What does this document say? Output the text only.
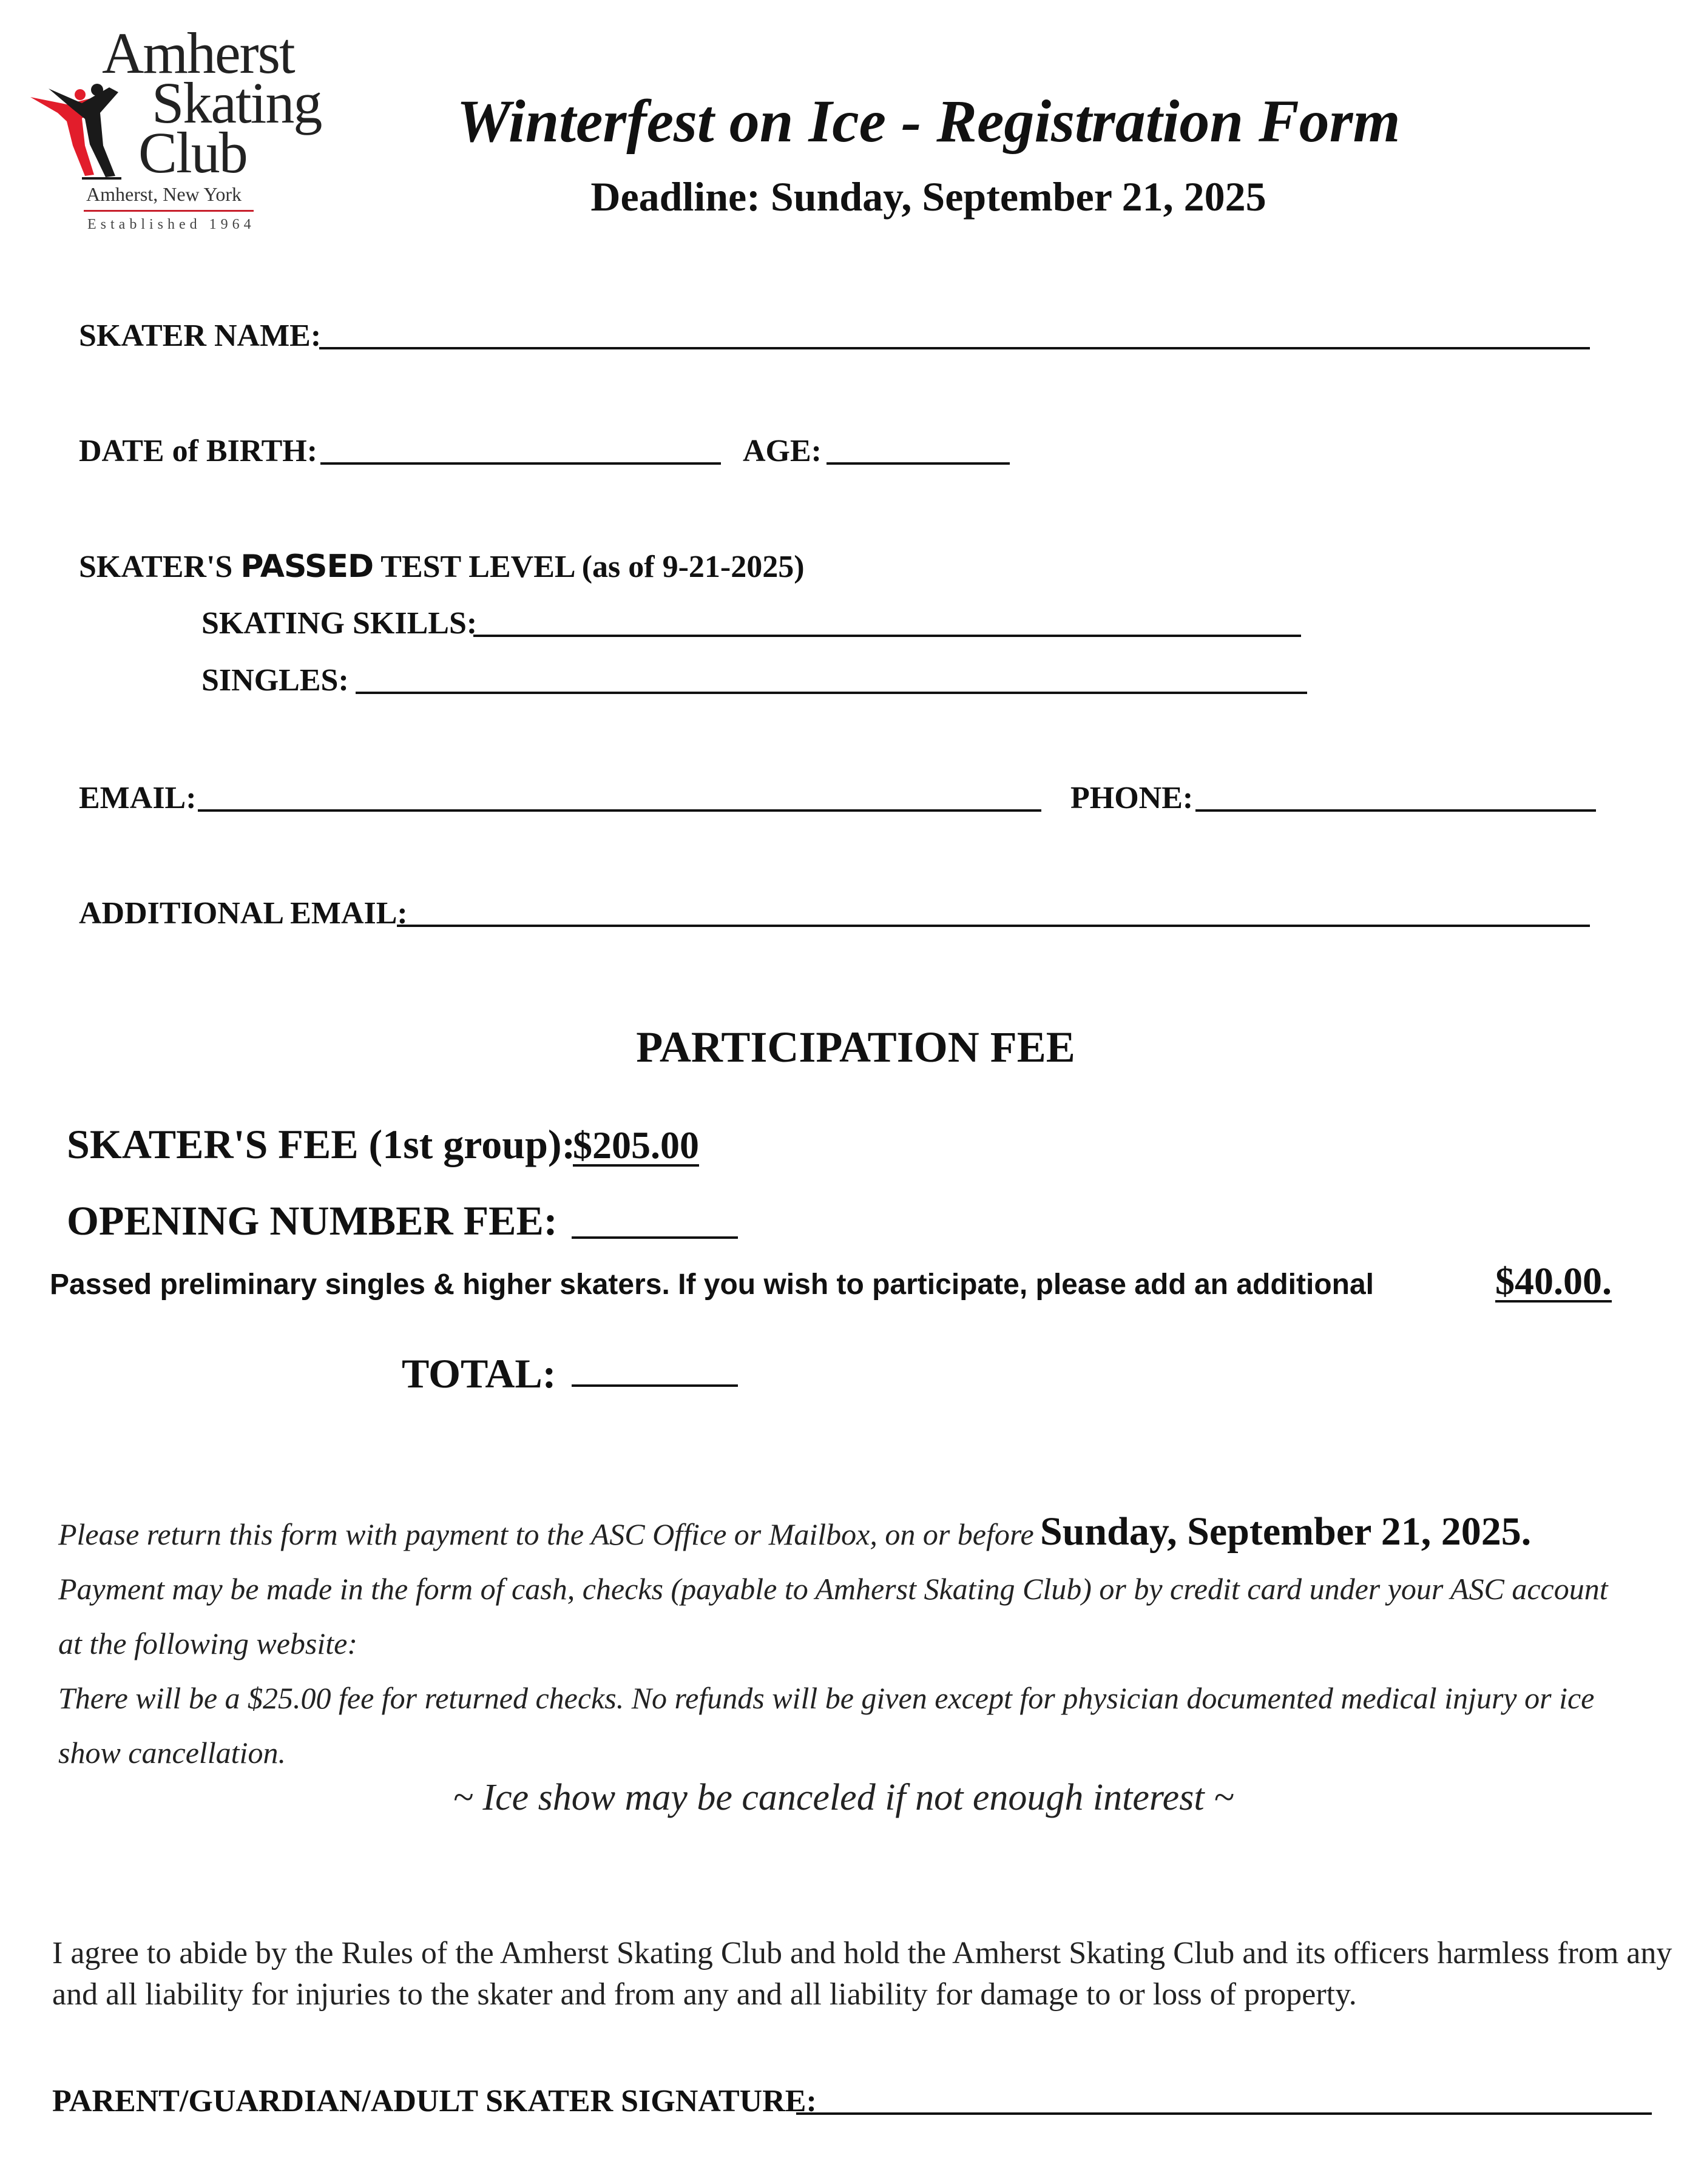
Amherst
Skating
Club
Amherst, New York
Established 1964
Winterfest on Ice - Registration Form
Deadline: Sunday, September 21, 2025
SKATER NAME:
DATE of BIRTH:	AGE:
SKATER'S PASSED TEST LEVEL (as of 9-21-2025)
SKATING SKILLS:
SINGLES:
EMAIL:	PHONE:
ADDITIONAL EMAIL:
PARTICIPATION FEE
SKATER'S FEE (1st group):
$205.00
OPENING NUMBER FEE:
Passed preliminary singles & higher skaters. If you wish to participate, please add an additional	$40.00.
TOTAL:
Please return this form with payment to the ASC Office or Mailbox, on or before Sunday, September 21, 2025.
Payment may be made in the form of cash, checks (payable to Amherst Skating Club) or by credit card under your ASC account
at the following website:
There will be a $25.00 fee for returned checks. No refunds will be given except for physician documented medical injury or ice
show cancellation.
~ Ice show may be canceled if not enough interest ~
I agree to abide by the Rules of the Amherst Skating Club and hold the Amherst Skating Club and its officers harmless from any and all liability for injuries to the skater and from any and all liability for damage to or loss of property.
PARENT/GUARDIAN/ADULT SKATER SIGNATURE:
